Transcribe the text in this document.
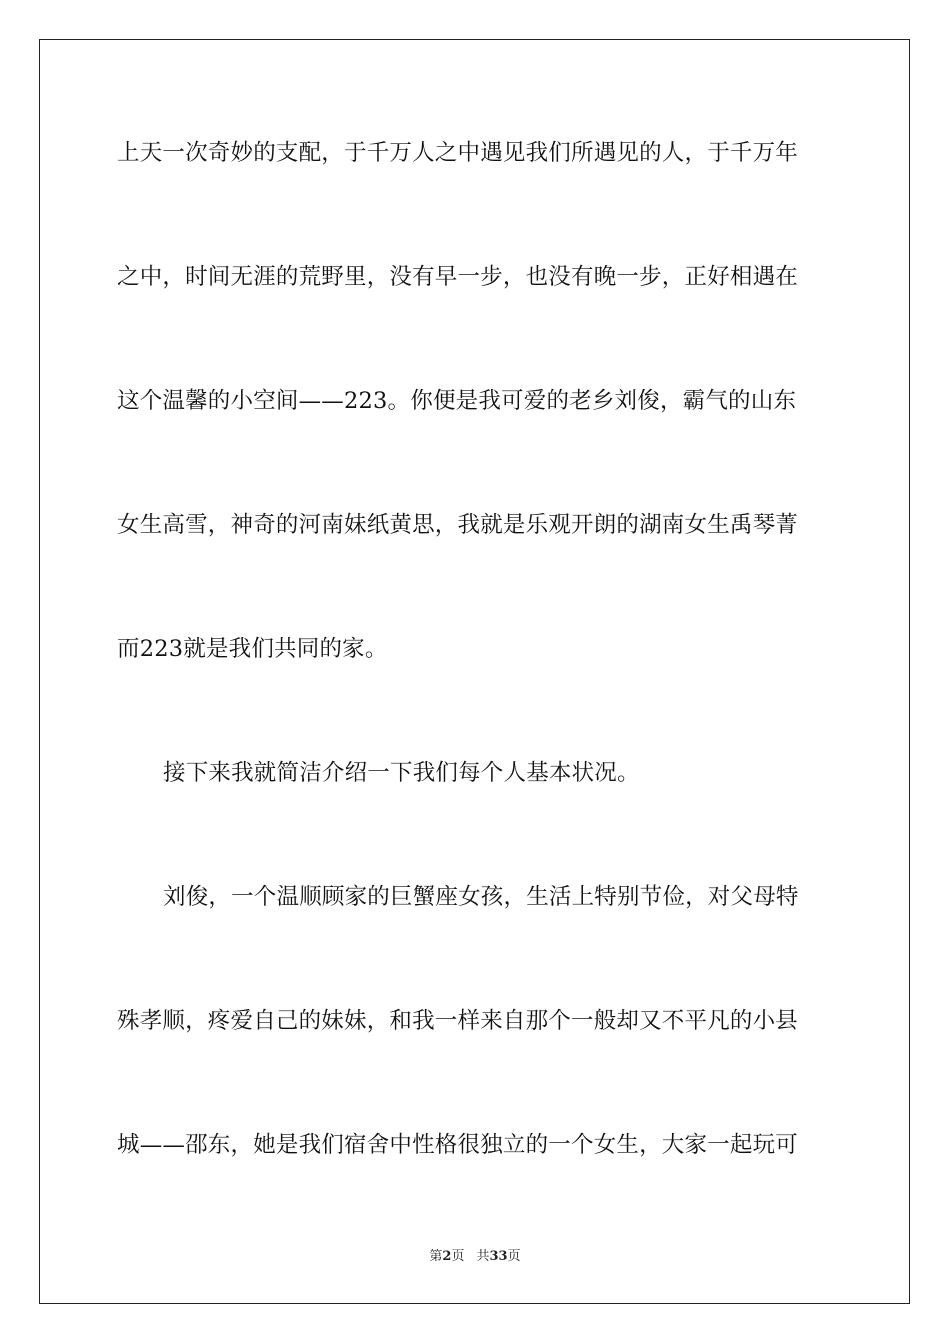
上天一次奇妙的支配，于千万人之中遇见我们所遇见的人，于千万年
之中，时间无涯的荒野里，没有早一步，也没有晚一步，正好相遇在
这个温馨的小空间——223。你便是我可爱的老乡刘俊，霸气的山东
女生高雪，神奇的河南妹纸黄思，我就是乐观开朗的湖南女生禹琴菁
而223就是我们共同的家。
接下来我就简洁介绍一下我们每个人基本状况。
刘俊，一个温顺顾家的巨蟹座女孩，生活上特别节俭，对父母特
殊孝顺，疼爱自己的妹妹，和我一样来自那个一般却又不平凡的小县
城——邵东，她是我们宿舍中性格很独立的一个女生，大家一起玩可
第2页 共33页
